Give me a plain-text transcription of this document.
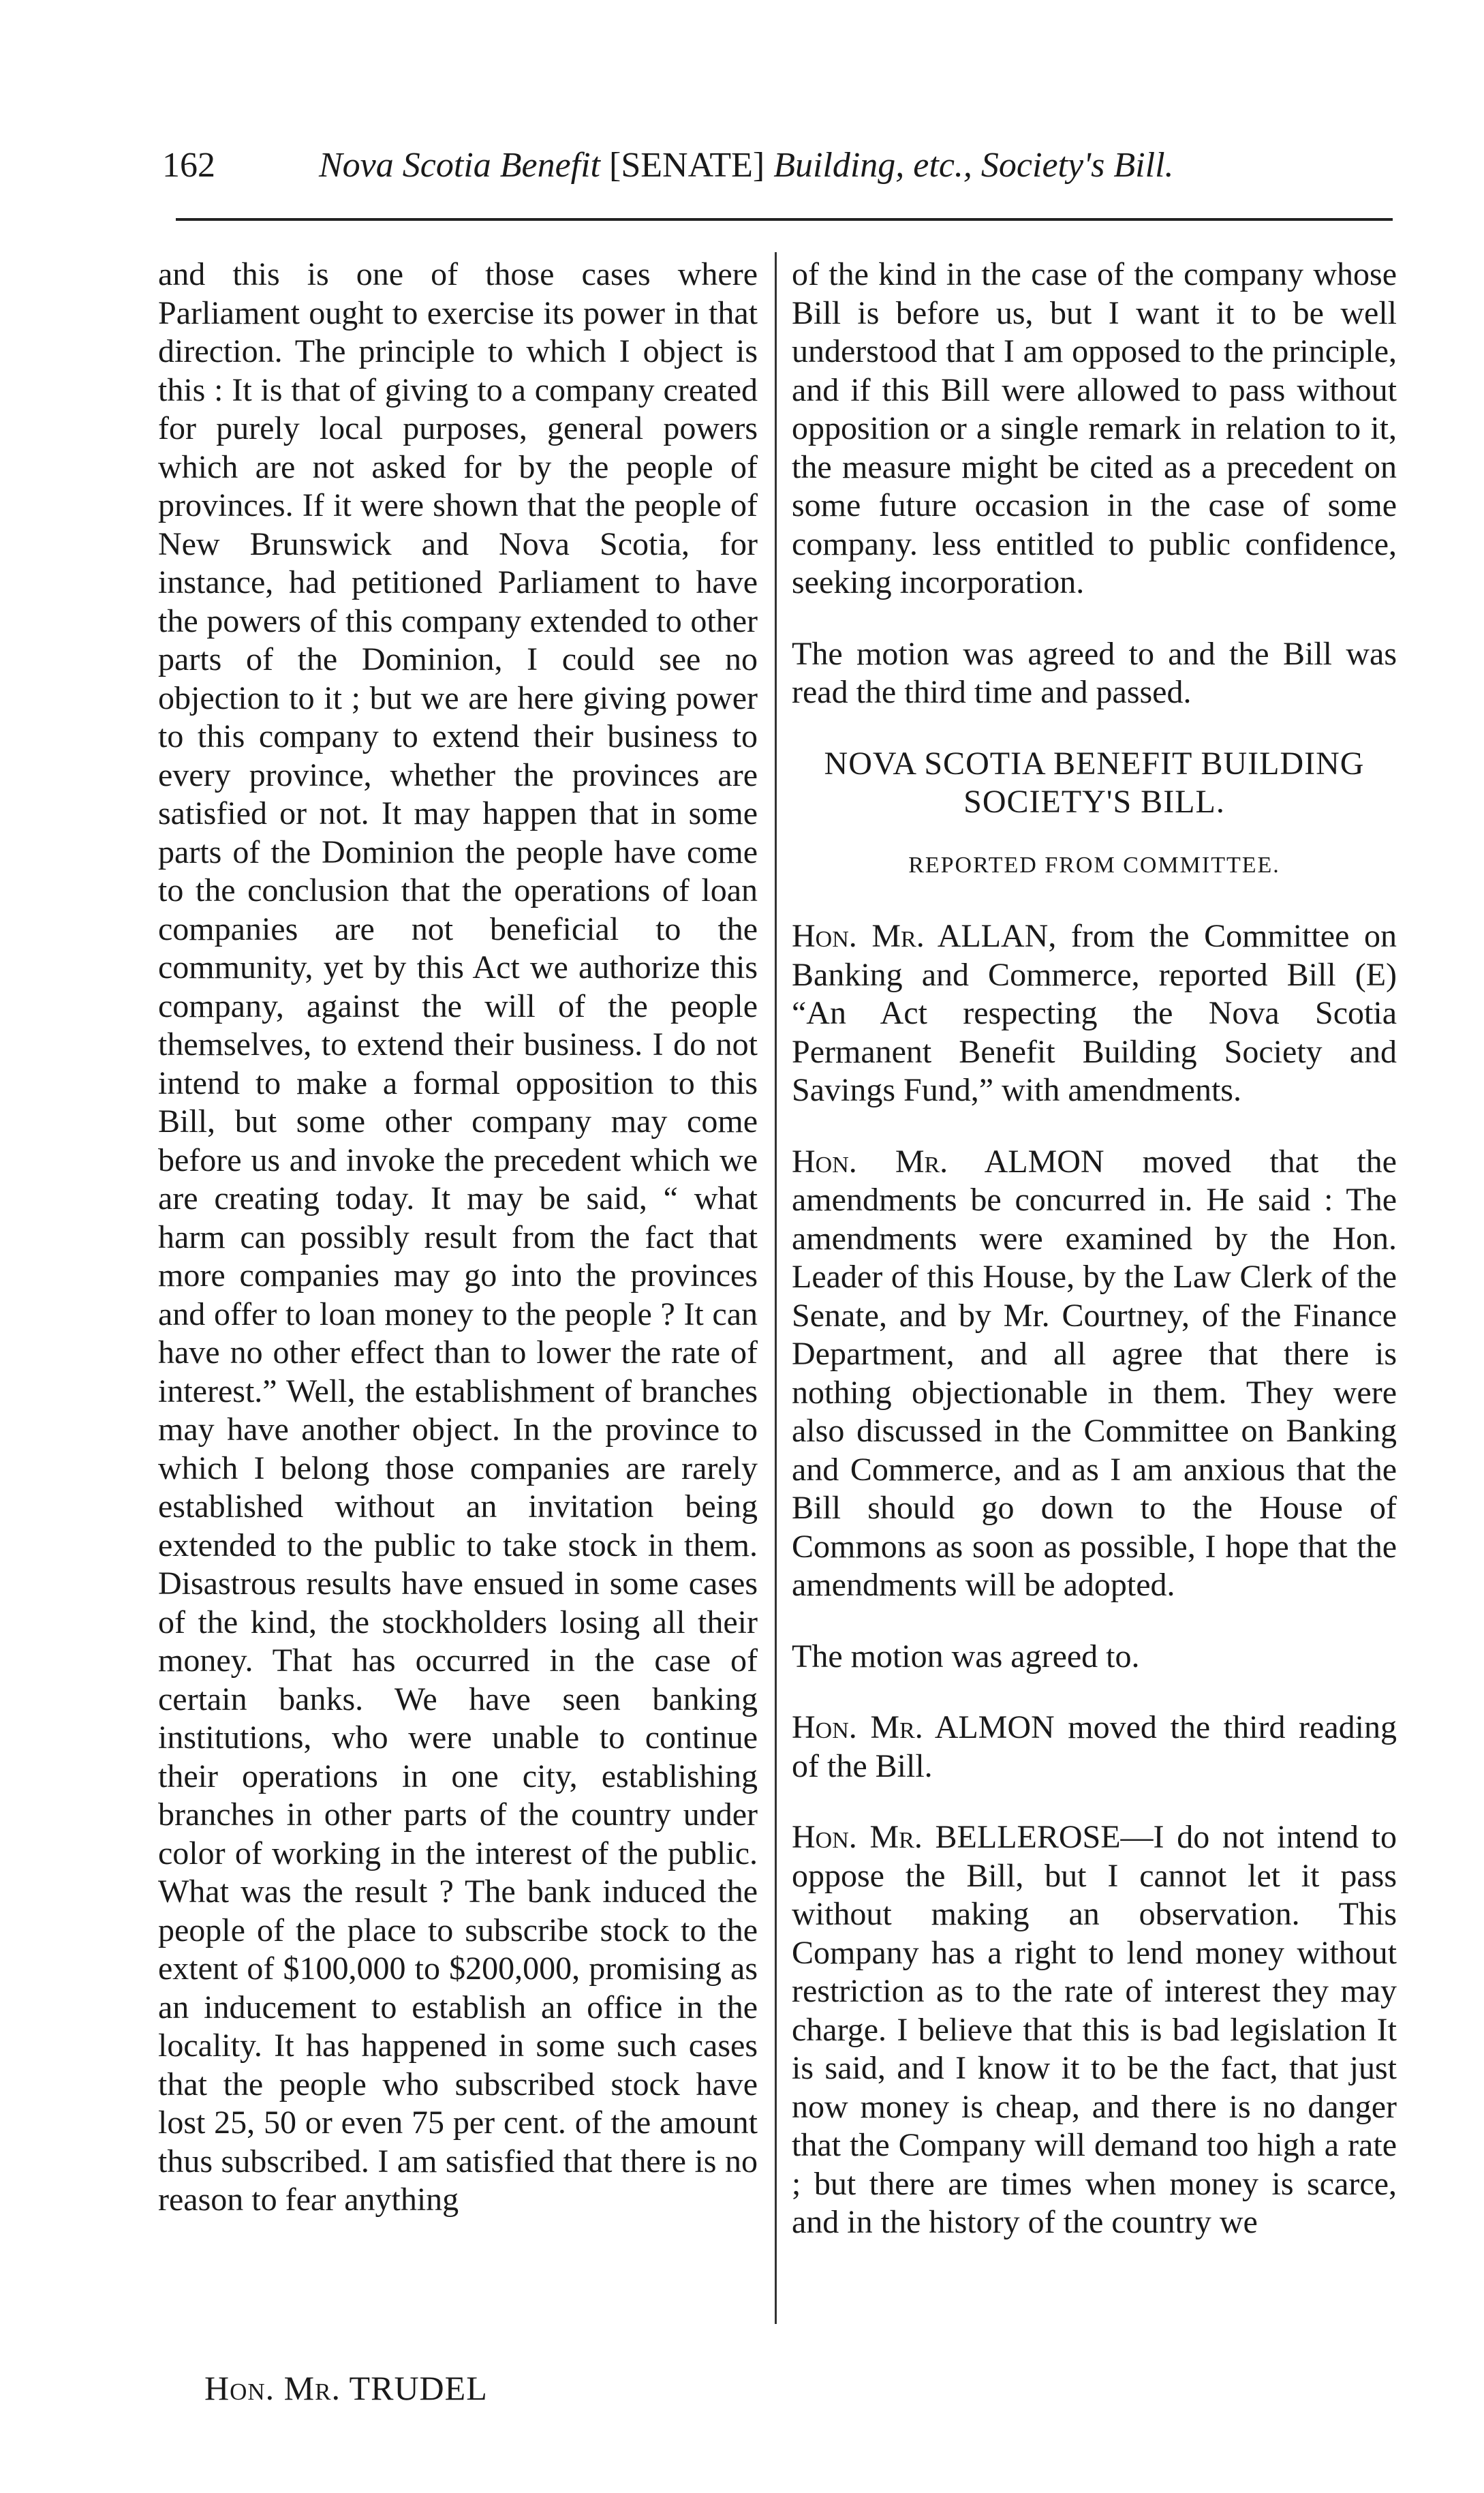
162	Nova Scotia Benefit [SENATE] Building, etc., Society's Bill.

and this is one of those cases where Parliament ought to exercise its power in that direction. The principle to which I object is this : It is that of giving to a company created for purely local purposes, general powers which are not asked for by the people of provinces. If it were shown that the people of New Brunswick and Nova Scotia, for instance, had petitioned Parliament to have the powers of this company extended to other parts of the Dominion, I could see no objection to it ; but we are here giving power to this company to extend their business to every province, whether the provinces are satisfied or not. It may happen that in some parts of the Dominion the people have come to the conclusion that the operations of loan companies are not beneficial to the community, yet by this Act we authorize this company, against the will of the people themselves, to extend their business. I do not intend to make a formal opposition to this Bill, but some other company may come before us and invoke the precedent which we are creating today. It may be said, “ what harm can possibly result from the fact that more companies may go into the provinces and offer to loan money to the people ? It can have no other effect than to lower the rate of interest.” Well, the establishment of branches may have another object. In the province to which I belong those companies are rarely established without an invitation being extended to the public to take stock in them. Disastrous results have ensued in some cases of the kind, the stockholders losing all their money. That has occurred in the case of certain banks. We have seen banking institutions, who were unable to continue their operations in one city, establishing branches in other parts of the country under color of working in the interest of the public. What was the result ? The bank induced the people of the place to subscribe stock to the extent of $100,000 to $200,000, promising as an inducement to establish an office in the locality. It has happened in some such cases that the people who subscribed stock have lost 25, 50 or even 75 per cent. of the amount thus subscribed. I am satisfied that there is no reason to fear anything

of the kind in the case of the company whose Bill is before us, but I want it to be well understood that I am opposed to the principle, and if this Bill were allowed to pass without opposition or a single remark in relation to it, the measure might be cited as a precedent on some future occasion in the case of some company. less entitled to public confidence, seeking incorporation.

The motion was agreed to and the Bill was read the third time and passed.

NOVA SCOTIA BENEFIT BUILDING SOCIETY'S BILL.

REPORTED FROM COMMITTEE.

Hon. Mr. ALLAN, from the Committee on Banking and Commerce, reported Bill (E) “An Act respecting the Nova Scotia Permanent Benefit Building Society and Savings Fund,” with amendments.

Hon. Mr. ALMON moved that the amendments be concurred in. He said : The amendments were examined by the Hon. Leader of this House, by the Law Clerk of the Senate, and by Mr. Courtney, of the Finance Department, and all agree that there is nothing objectionable in them. They were also discussed in the Committee on Banking and Commerce, and as I am anxious that the Bill should go down to the House of Commons as soon as possible, I hope that the amendments will be adopted.

The motion was agreed to.

Hon. Mr. ALMON moved the third reading of the Bill.

Hon. Mr. BELLEROSE—I do not intend to oppose the Bill, but I cannot let it pass without making an observation. This Company has a right to lend money without restriction as to the rate of interest they may charge. I believe that this is bad legislation It is said, and I know it to be the fact, that just now money is cheap, and there is no danger that the Company will demand too high a rate ; but there are times when money is scarce, and in the history of the country we

Hon. Mr. TRUDEL
